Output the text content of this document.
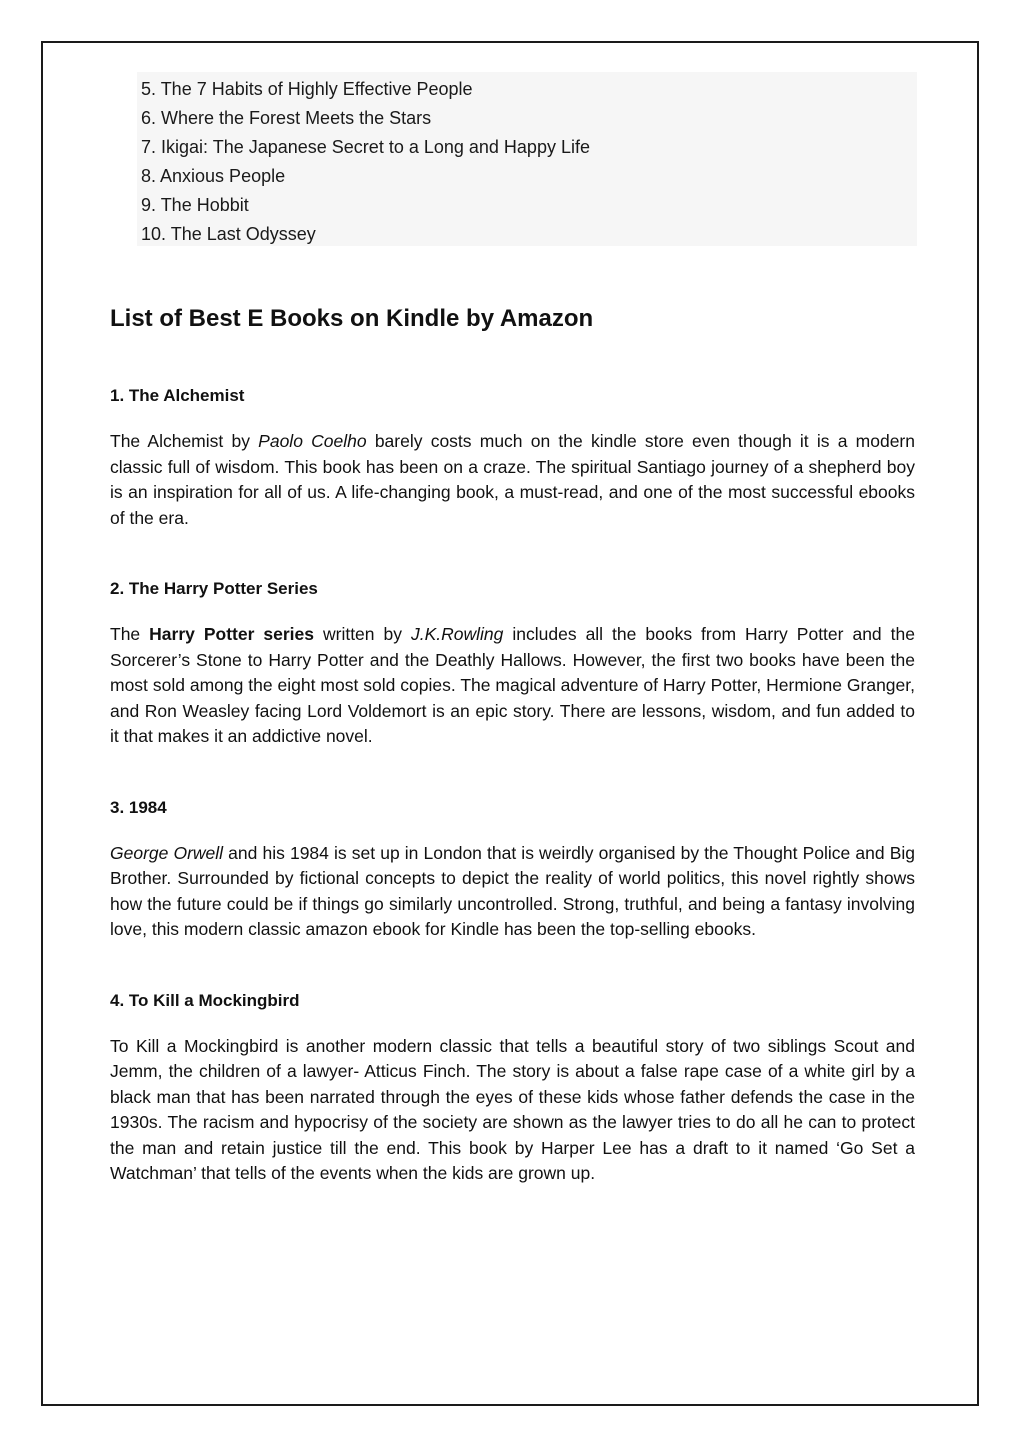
5. The 7 Habits of Highly Effective People
6. Where the Forest Meets the Stars
7. Ikigai: The Japanese Secret to a Long and Happy Life
8. Anxious People
9. The Hobbit
10. The Last Odyssey
List of Best E Books on Kindle by Amazon
1. The Alchemist

The Alchemist by Paolo Coelho barely costs much on the kindle store even though it is a modern classic full of wisdom. This book has been on a craze. The spiritual Santiago journey of a shepherd boy is an inspiration for all of us. A life-changing book, a must-read, and one of the most successful ebooks of the era.

2. The Harry Potter Series

The Harry Potter series written by J.K.Rowling includes all the books from Harry Potter and the Sorcerer’s Stone to Harry Potter and the Deathly Hallows. However, the first two books have been the most sold among the eight most sold copies. The magical adventure of Harry Potter, Hermione Granger, and Ron Weasley facing Lord Voldemort is an epic story. There are lessons, wisdom, and fun added to it that makes it an addictive novel.

3. 1984

George Orwell and his 1984 is set up in London that is weirdly organised by the Thought Police and Big Brother. Surrounded by fictional concepts to depict the reality of world politics, this novel rightly shows how the future could be if things go similarly uncontrolled. Strong, truthful, and being a fantasy involving love, this modern classic amazon ebook for Kindle has been the top-selling ebooks.

4. To Kill a Mockingbird

To Kill a Mockingbird is another modern classic that tells a beautiful story of two siblings Scout and Jemm, the children of a lawyer- Atticus Finch. The story is about a false rape case of a white girl by a black man that has been narrated through the eyes of these kids whose father defends the case in the 1930s. The racism and hypocrisy of the society are shown as the lawyer tries to do all he can to protect the man and retain justice till the end. This book by Harper Lee has a draft to it named ‘Go Set a Watchman’ that tells of the events when the kids are grown up.
